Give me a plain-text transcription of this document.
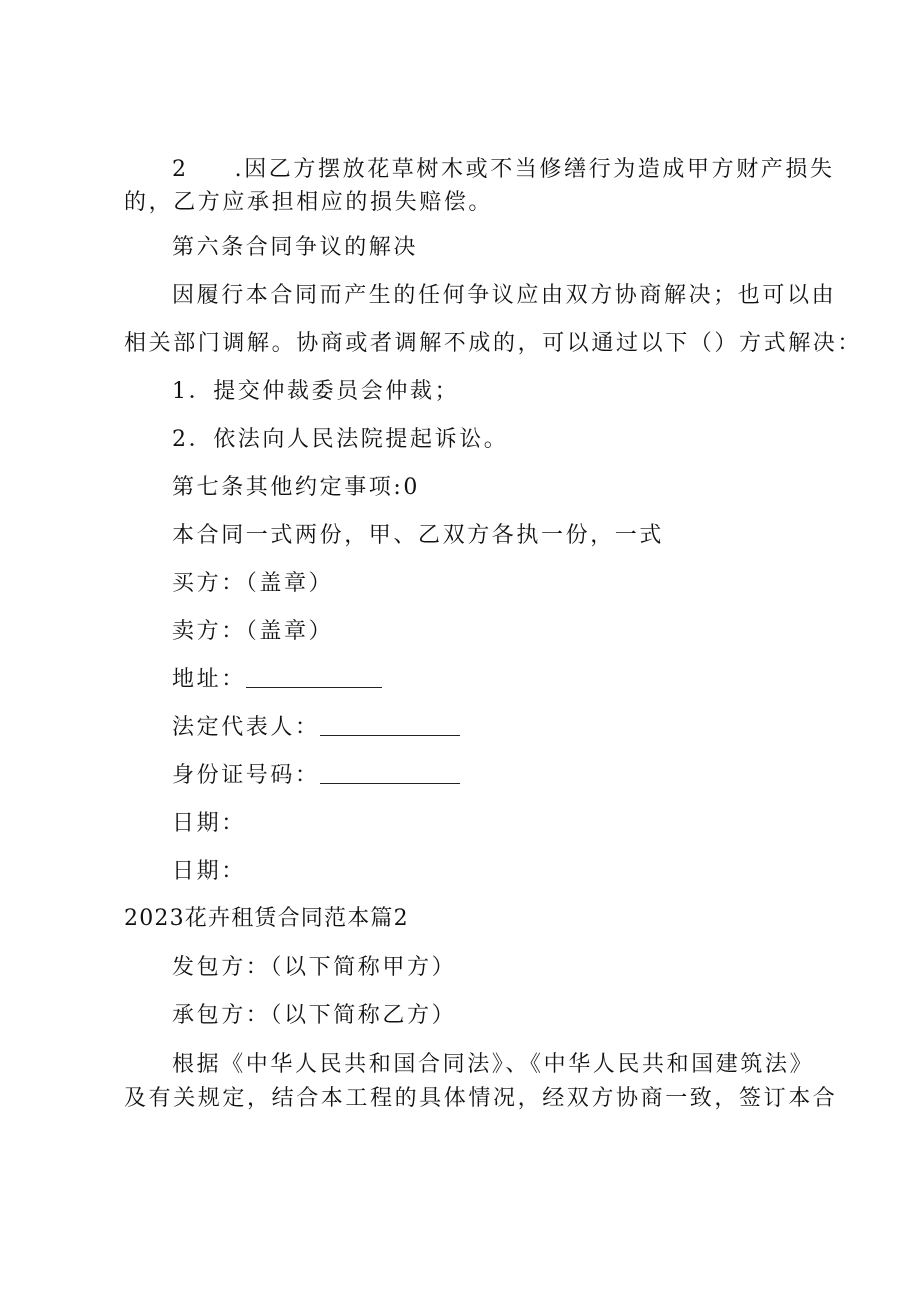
2 .因乙方摆放花草树木或不当修缮行为造成甲方财产损失
的，乙方应承担相应的损失赔偿。
第六条合同争议的解决
因履行本合同而产生的任何争议应由双方协商解决；也可以由
相关部门调解。协商或者调解不成的，可以通过以下（）方式解决：
1．提交仲裁委员会仲裁；
2．依法向人民法院提起诉讼。
第七条其他约定事项:0
本合同一式两份，甲、乙双方各执一份，一式
买方：（盖章）
卖方：（盖章）
地址：
法定代表人：
身份证号码：
日期：
日期：
2023花卉租赁合同范本篇2
发包方：（以下简称甲方）
承包方：（以下简称乙方）
根据《中华人民共和国合同法》、《中华人民共和国建筑法》
及有关规定，结合本工程的具体情况，经双方协商一致，签订本合
